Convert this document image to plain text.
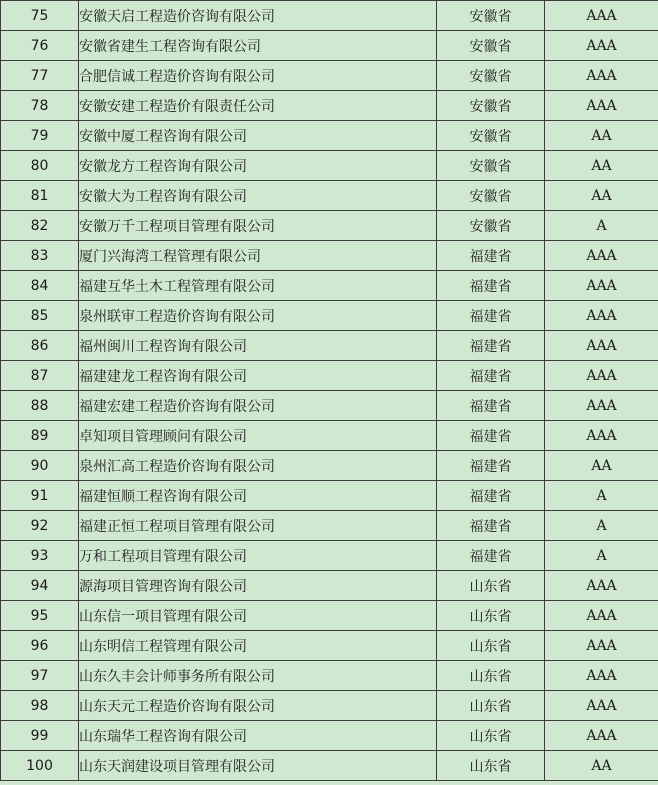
75	安徽天启工程造价咨询有限公司	安徽省	AAA
76	安徽省建生工程咨询有限公司	安徽省	AAA
77	合肥信诚工程造价咨询有限公司	安徽省	AAA
78	安徽安建工程造价有限责任公司	安徽省	AAA
79	安徽中厦工程咨询有限公司	安徽省	AA
80	安徽龙方工程咨询有限公司	安徽省	AA
81	安徽大为工程咨询有限公司	安徽省	AA
82	安徽万千工程项目管理有限公司	安徽省	A
83	厦门兴海湾工程管理有限公司	福建省	AAA
84	福建互华土木工程管理有限公司	福建省	AAA
85	泉州联审工程造价咨询有限公司	福建省	AAA
86	福州闽川工程咨询有限公司	福建省	AAA
87	福建建龙工程咨询有限公司	福建省	AAA
88	福建宏建工程造价咨询有限公司	福建省	AAA
89	卓知项目管理顾问有限公司	福建省	AAA
90	泉州汇高工程造价咨询有限公司	福建省	AA
91	福建恒顺工程咨询有限公司	福建省	A
92	福建正恒工程项目管理有限公司	福建省	A
93	万和工程项目管理有限公司	福建省	A
94	源海项目管理咨询有限公司	山东省	AAA
95	山东信一项目管理有限公司	山东省	AAA
96	山东明信工程管理有限公司	山东省	AAA
97	山东久丰会计师事务所有限公司	山东省	AAA
98	山东天元工程造价咨询有限公司	山东省	AAA
99	山东瑞华工程咨询有限公司	山东省	AAA
100	山东天润建设项目管理有限公司	山东省	AA
